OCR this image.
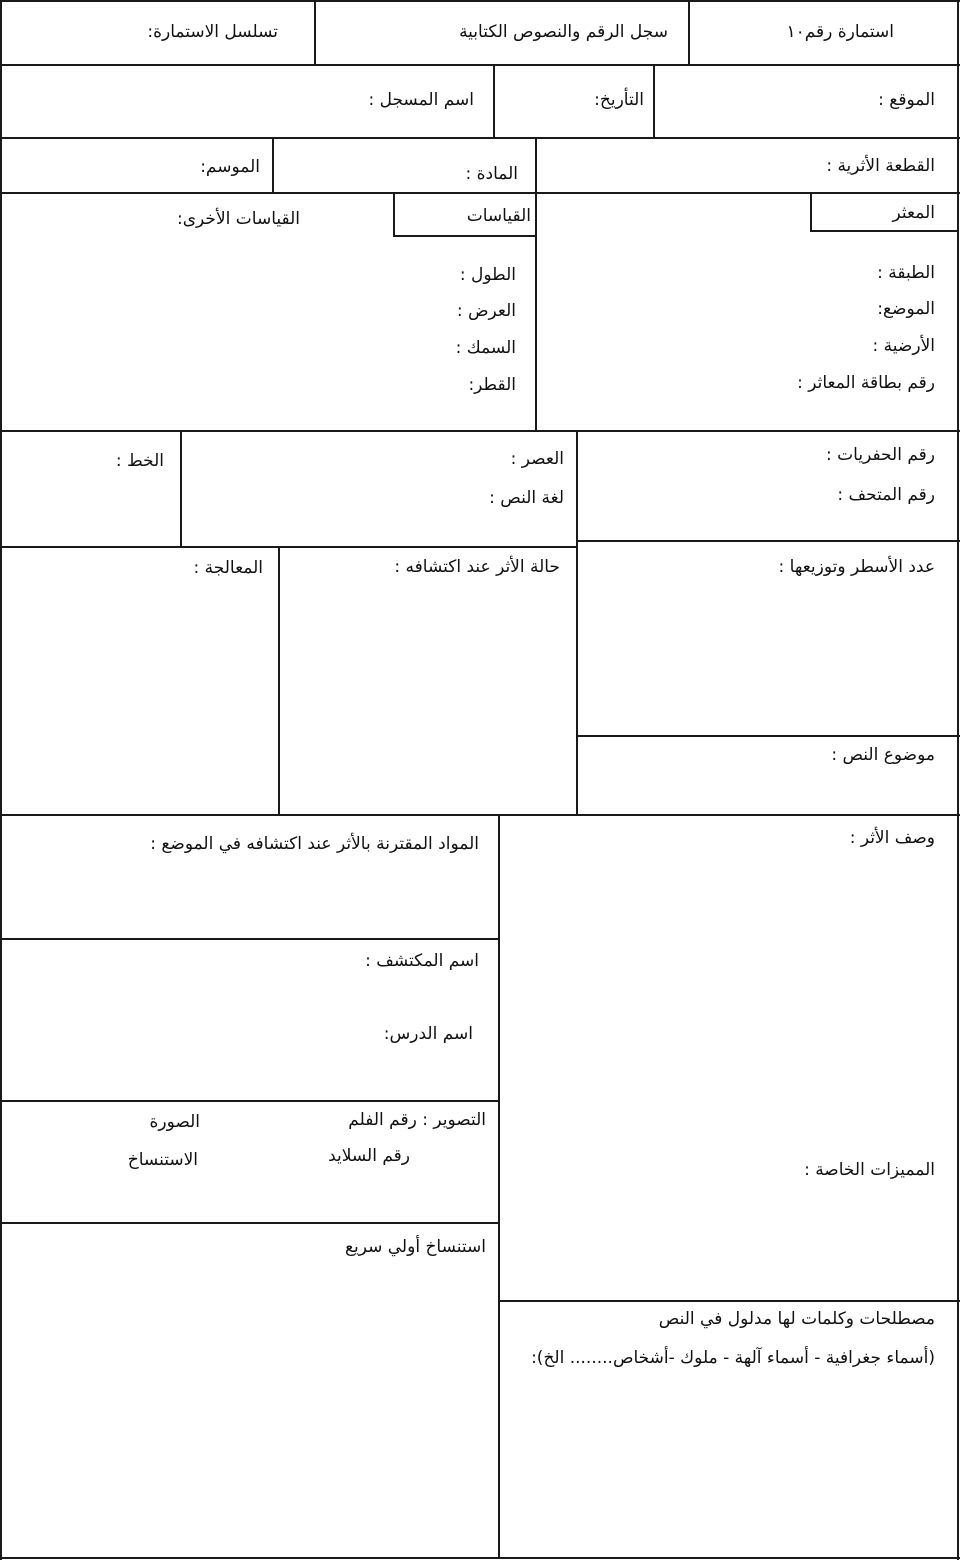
استمارة رقم١٠
سجل الرقم والنصوص الكتابية
تسلسل الاستمارة:
الموقع :
التأريخ:
اسم المسجل :
القطعة الأثرية :
المادة :
الموسم:
المعثر
الطبقة :
الموضع:
الأرضية :
رقم بطاقة المعاثر :
القياسات
القياسات الأخرى:
الطول :
العرض :
السمك :
القطر:
رقم الحفريات :
رقم المتحف :
العصر :
لغة النص :
الخط :
عدد الأسطر وتوزيعها :
حالة الأثر عند اكتشافه :
المعالجة :
موضوع النص :
وصف الأثر :
المواد المقترنة بالأثر عند اكتشافه في الموضع :
اسم المكتشف :
اسم الدرس:
التصوير : رقم الفلم
رقم السلايد
الصورة
الاستنساخ	المميزات الخاصة :
استنساخ أولي سريع
مصطلحات وكلمات لها مدلول في النص
(أسماء جغرافية - أسماء آلهة - ملوك -أشخاص........ الخ):
